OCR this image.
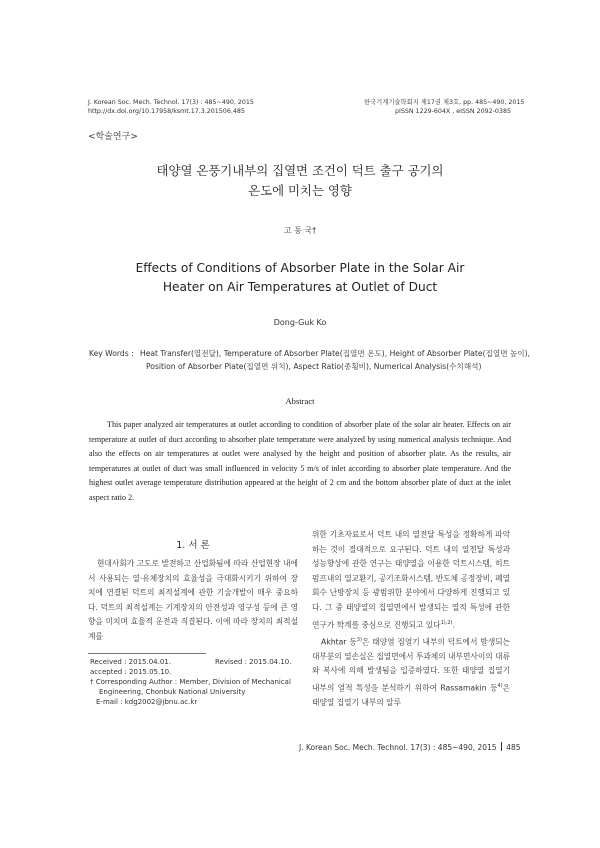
J. Korean Soc. Mech. Technol. 17(3) : 485~490, 2015
http://dx.doi.org/10.17958/ksmt.17.3.201506.485
한국기계기술학회지 제17권 제3호, pp. 485~490, 2015
pISSN 1229-604X , eISSN 2092-0385
<학술연구>
태양열 온풍기내부의 집열면 조건이 덕트 출구 공기의
온도에 미치는 영향
고 동 국†
Effects of Conditions of Absorber Plate in the Solar Air
Heater on Air Temperatures at Outlet of Duct
Dong-Guk Ko
Key Words : Heat Transfer(열전달), Temperature of Absorber Plate(집열면 온도), Height of Absorber Plate(집열면 높이), Position of Absorber Plate(집열면 위치), Aspect Ratio(종횡비), Numerical Analysis(수치해석)
Abstract
This paper analyzed air temperatures at outlet according to condition of absorber plate of the solar air heater. Effects on air temperature at outlet of duct according to absorber plate temperature were analyzed by using numerical analysis technique. And also the effects on air temperatures at outlet were analysed by the height and position of absorber plate. As the results, air temperatures at outlet of duct was small influenced in velocity 5 m/s of inlet according to absorber plate temperature. And the highest outlet average temperature distribution appeared at the height of 2 cm and the bottom absorber plate of duct at the inlet aspect ratio 2.
1. 서 론

현대사회가 고도로 발전하고 산업화됨에 따라 산업현장 내에서 사용되는 열·유체장치의 효율성을 극대화시키기 위하여 장치에 연결된 덕트의 최적설계에 관한 기술개발이 매우 중요하다. 덕트의 최적설계는 기계장치의 안전성과 영구성 등에 큰 영향을 미치며 효율적 운전과 직결된다. 이에 따라 장치의 최적설계를

Received : 2015.04.01.	Revised : 2015.04.10.
accepted : 2015.05.10.
† Corresponding Author : Member, Division of Mechanical
Engineering, Chonbuk National University
E-mail : kdg2002@jbnu.ac.kr

위한 기초자료로서 덕트 내의 열전달 특성을 정확하게 파악하는 것이 절대적으로 요구된다. 덕트 내의 열전달 특성과 성능향상에 관한 연구는 태양열을 이용한 덕트시스템, 히트 펌프내의 열교환기, 공기조화시스템, 반도체 공정장비, 폐열회수 난방장치 등 광범위한 분야에서 다양하게 진행되고 있다. 그 중 태양열의 집열면에서 발생되는 열적 특성에 관한 연구가 학계를 중심으로 진행되고 있다$^{1),2)}$.

Akhtar 등$^{3)}$은 태양열 집열기 내부의 덕트에서 발생되는 대부분의 열손실은 집열면에서 투과체의 내부면사이의 대류와 복사에 의해 발생됨을 입증하였다. 또한 태양열 집열기 내부의 열적 특성을 분석하기 위하여 Rassamakin 등$^{4)}$은 태양열 집열기 내부의 알루

J. Korean Soc. Mech. Technol. 17(3) : 485~490, 2015 485
